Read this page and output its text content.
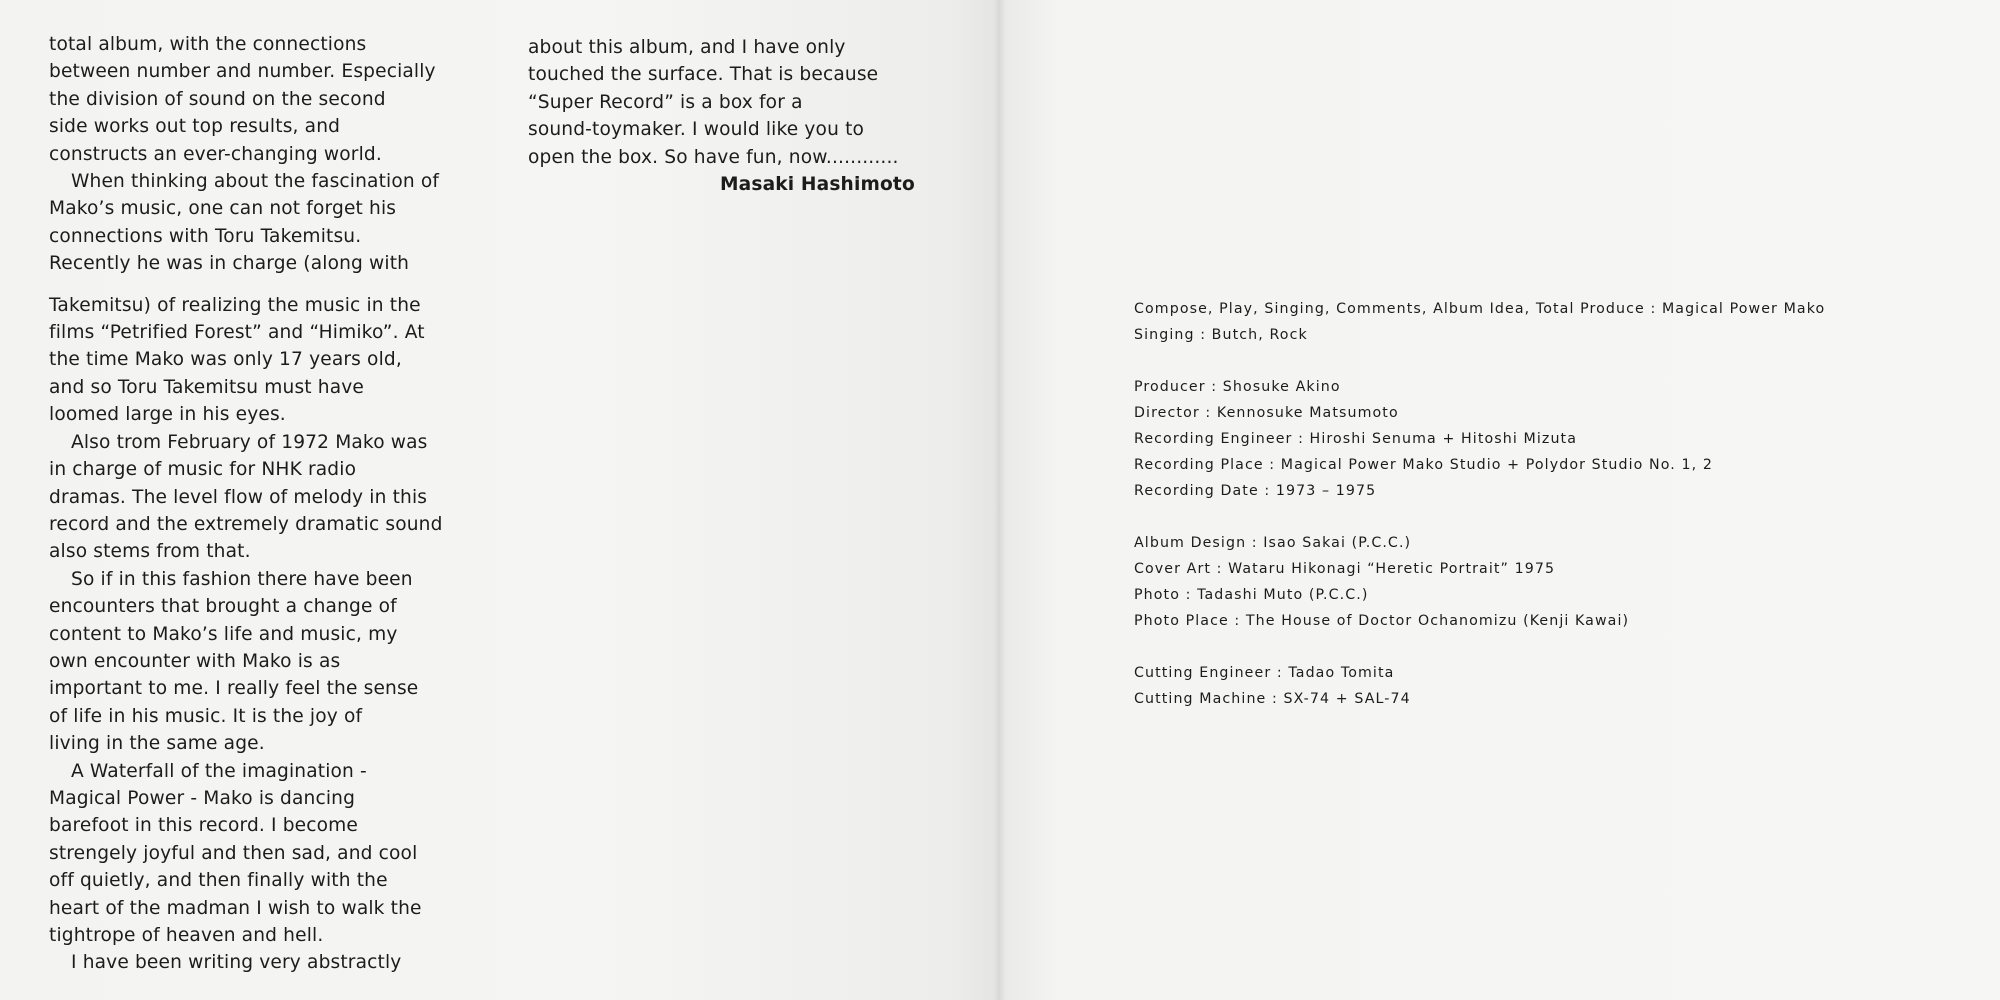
total album, with the connections
between number and number. Especially
the division of sound on the second
side works out top results, and
constructs an ever-changing world.

When thinking about the fascination of
Mako’s music, one can not forget his
connections with Toru Takemitsu.
Recently he was in charge (along with

Takemitsu) of realizing the music in the
films “Petrified Forest” and “Himiko”. At
the time Mako was only 17 years old,
and so Toru Takemitsu must have
loomed large in his eyes.

Also trom February of 1972 Mako was
in charge of music for NHK radio
dramas. The level flow of melody in this
record and the extremely dramatic sound
also stems from that.

So if in this fashion there have been
encounters that brought a change of
content to Mako’s life and music, my
own encounter with Mako is as
important to me. I really feel the sense
of life in his music. It is the joy of
living in the same age.

A Waterfall of the imagination -
Magical Power - Mako is dancing
barefoot in this record. I become
strengely joyful and then sad, and cool
off quietly, and then finally with the
heart of the madman I wish to walk the
tightrope of heaven and hell.

I have been writing very abstractly

about this album, and I have only
touched the surface. That is because
“Super Record” is a box for a
sound-toymaker. I would like you to
open the box. So have fun, now............

Masaki Hashimoto
Compose, Play, Singing, Comments, Album Idea, Total Produce : Magical Power Mako
Singing : Butch, Rock
Producer : Shosuke Akino
Director : Kennosuke Matsumoto
Recording Engineer : Hiroshi Senuma + Hitoshi Mizuta
Recording Place : Magical Power Mako Studio + Polydor Studio No. 1, 2
Recording Date : 1973 – 1975
Album Design : Isao Sakai (P.C.C.)
Cover Art : Wataru Hikonagi “Heretic Portrait” 1975
Photo : Tadashi Muto (P.C.C.)
Photo Place : The House of Doctor Ochanomizu (Kenji Kawai)
Cutting Engineer : Tadao Tomita
Cutting Machine : SX-74 + SAL-74
